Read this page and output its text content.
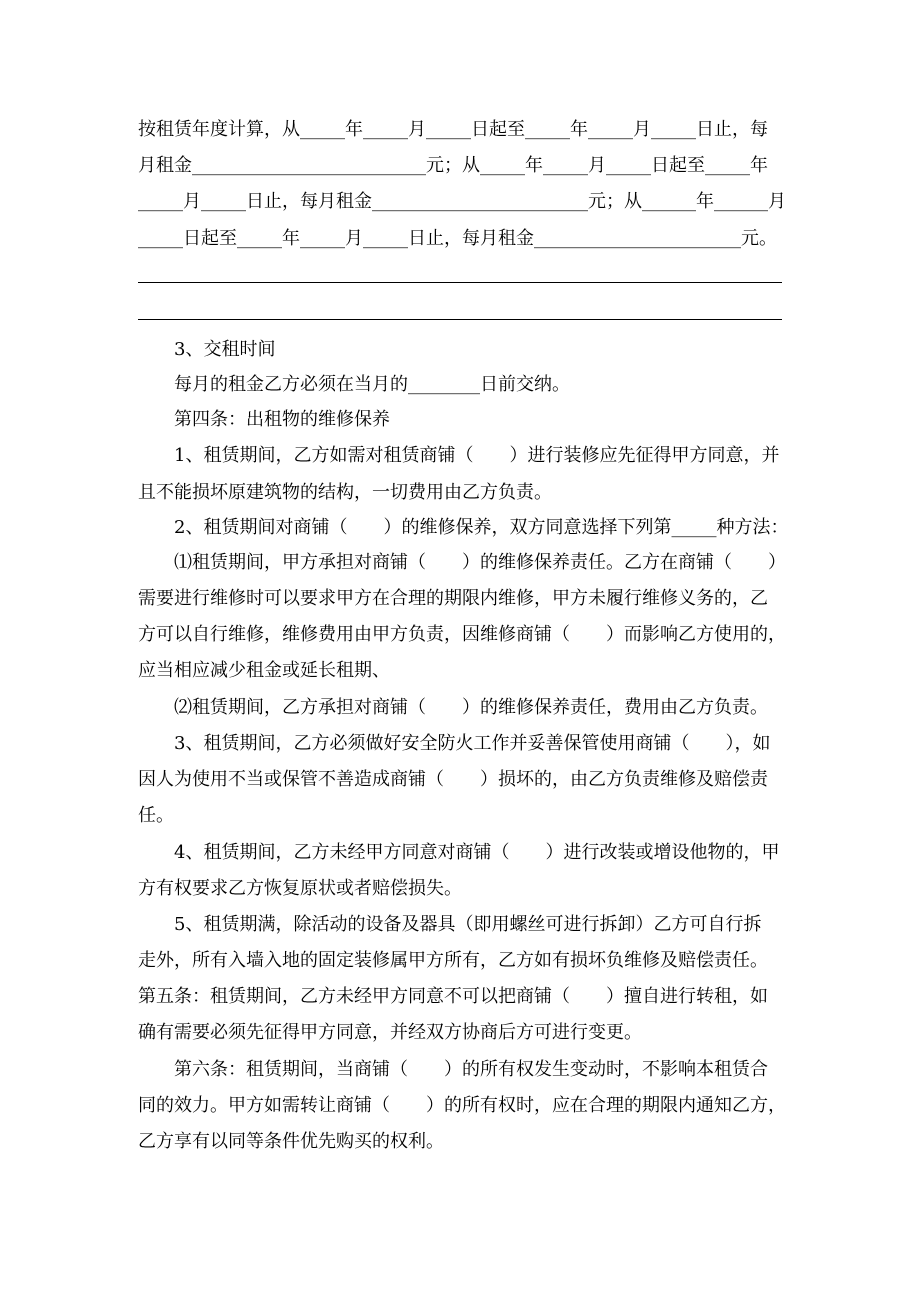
按租赁年度计算，从_____年_____月_____日起至_____年_____月_____日止，每
月租金__________________________元；从_____年_____月_____日起至_____年
_____月_____日止，每月租金________________________元；从______年______月
_____日起至_____年_____月_____日止，每月租金_______________________元。
3、交租时间
每月的租金乙方必须在当月的________日前交纳。
第四条：出租物的维修保养
1、租赁期间，乙方如需对租赁商铺（　　）进行装修应先征得甲方同意，并
且不能损坏原建筑物的结构，一切费用由乙方负责。
2、租赁期间对商铺（　　）的维修保养，双方同意选择下列第_____种方法：
⑴租赁期间，甲方承担对商铺（　　）的维修保养责任。乙方在商铺（　　）
需要进行维修时可以要求甲方在合理的期限内维修，甲方未履行维修义务的，乙
方可以自行维修，维修费用由甲方负责，因维修商铺（　　）而影响乙方使用的，
应当相应减少租金或延长租期、
⑵租赁期间，乙方承担对商铺（　　）的维修保养责任，费用由乙方负责。
3、租赁期间，乙方必须做好安全防火工作并妥善保管使用商铺（　　），如
因人为使用不当或保管不善造成商铺（　　）损坏的，由乙方负责维修及赔偿责
任。
4、租赁期间，乙方未经甲方同意对商铺（　　）进行改装或增设他物的，甲
方有权要求乙方恢复原状或者赔偿损失。
5、租赁期满，除活动的设备及器具（即用螺丝可进行拆卸）乙方可自行拆
走外，所有入墙入地的固定装修属甲方所有，乙方如有损坏负维修及赔偿责任。
第五条：租赁期间，乙方未经甲方同意不可以把商铺（　　）擅自进行转租，如
确有需要必须先征得甲方同意，并经双方协商后方可进行变更。
第六条：租赁期间，当商铺（　　）的所有权发生变动时，不影响本租赁合
同的效力。甲方如需转让商铺（　　）的所有权时，应在合理的期限内通知乙方，
乙方享有以同等条件优先购买的权利。
